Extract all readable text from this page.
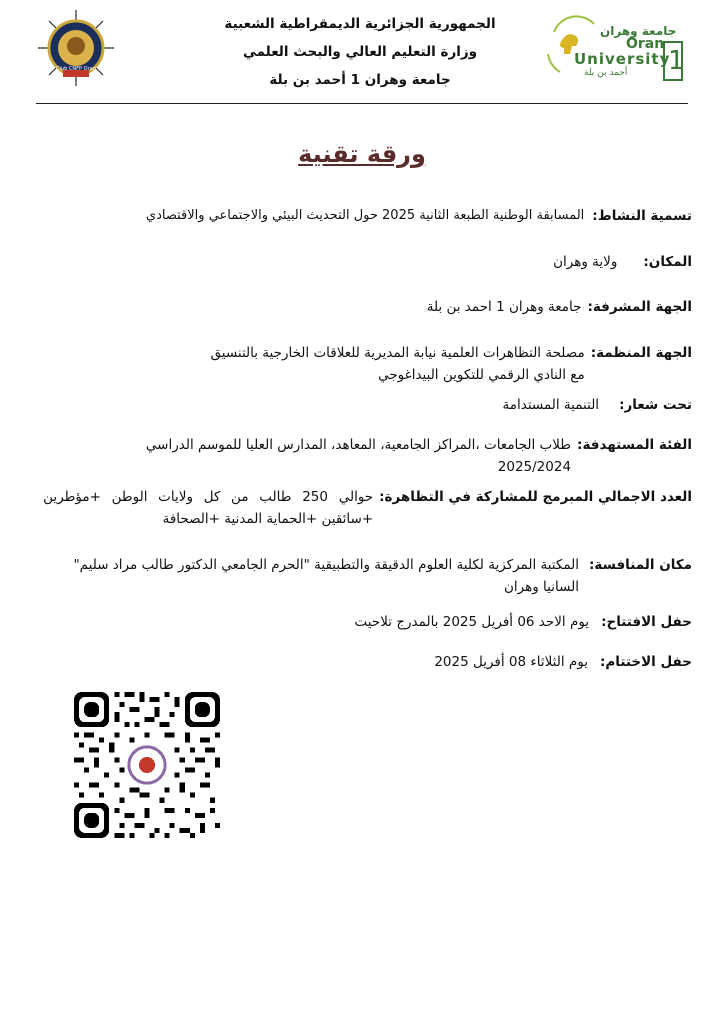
Club CNFP Oran
الجمهورية الجزائرية الديمقراطية الشعبية
وزارة التعليم العالي والبحث العلمي
جامعة وهران 1 أحمد بن بلة
1
جامعة وهران
Oran
University
أحمد بن بلة
ورقة تقنية
تسمية النشاط:
المسابقة الوطنية الطبعة الثانية 2025 حول التحديث البيئي والاجتماعي والاقتصادي
المكان:
ولاية وهران
الجهة المشرفة:
جامعة وهران 1 احمد بن بلة
الجهة المنظمة:
مصلحة التظاهرات العلمية نيابة المديرية للعلاقات الخارجية بالتنسيق مع النادي الرقمي للتكوين البيداغوجي
تحت شعار:
التنمية المستدامة
الفئة المستهدفة:
طلاب الجامعات ،المراكز الجامعية، المعاهد، المدارس العليا للموسم الدراسي 2025/2024
العدد الاجمالي المبرمج للمشاركة في التظاهرة:
حوالي 250 طالب من كل ولايات الوطن +مؤطرين +سائقين +الحماية المدنية +الصحافة
مكان المنافسة:
المكتبة المركزية لكلية العلوم الدقيقة والتطبيقية "الحرم الجامعي الدكتور طالب مراد سليم" السانيا وهران
حفل الافتتاح:
يوم الاحد 06 أفريل 2025 بالمدرج تلاحيت
حفل الاختتام:
يوم الثلاثاء 08 أفريل 2025
